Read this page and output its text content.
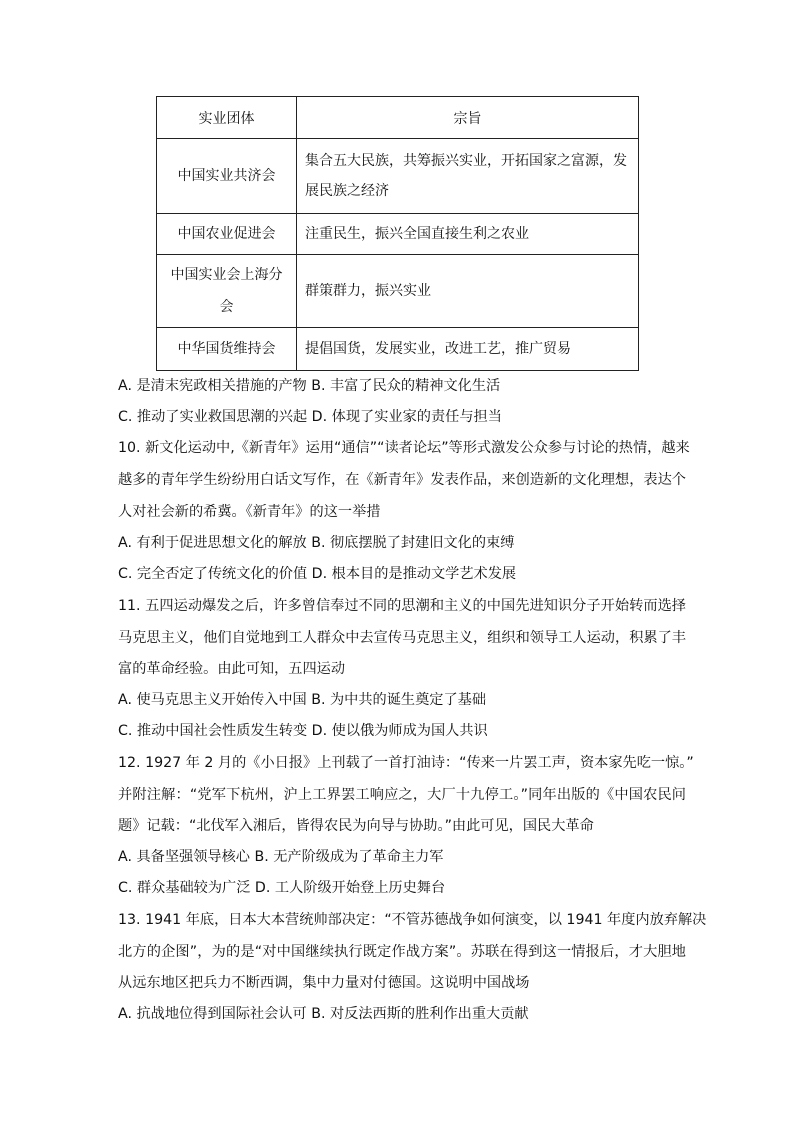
实业团体	宗旨
中国实业共济会	集合五大民族，共筹振兴实业，开拓国家之富源，发展民族之经济
中国农业促进会	注重民生，振兴全国直接生利之农业
中国实业会上海分会	群策群力，振兴实业
中华国货维持会	提倡国货，发展实业，改进工艺，推广贸易
A. 是清末宪政相关措施的产物 B. 丰富了民众的精神文化生活
C. 推动了实业救国思潮的兴起 D. 体现了实业家的责任与担当
10. 新文化运动中,《新青年》运用“通信”“读者论坛”等形式激发公众参与讨论的热情，越来
越多的青年学生纷纷用白话文写作，在《新青年》发表作品，来创造新的文化理想，表达个
人对社会新的希冀。《新青年》的这一举措
A. 有利于促进思想文化的解放 B. 彻底摆脱了封建旧文化的束缚
C. 完全否定了传统文化的价值 D. 根本目的是推动文学艺术发展
11. 五四运动爆发之后，许多曾信奉过不同的思潮和主义的中国先进知识分子开始转而选择
马克思主义，他们自觉地到工人群众中去宣传马克思主义，组织和领导工人运动，积累了丰
富的革命经验。由此可知，五四运动
A. 使马克思主义开始传入中国 B. 为中共的诞生奠定了基础
C. 推动中国社会性质发生转变 D. 使以俄为师成为国人共识
12. 1927 年 2 月的《小日报》上刊载了一首打油诗：“传来一片罢工声，资本家先吃一惊。”
并附注解：“党军下杭州，沪上工界罢工响应之，大厂十九停工。”同年出版的《中国农民问
题》记载：“北伐军入湘后，皆得农民为向导与协助。”由此可见，国民大革命
A. 具备坚强领导核心 B. 无产阶级成为了革命主力军
C. 群众基础较为广泛 D. 工人阶级开始登上历史舞台
13. 1941 年底，日本大本营统帅部决定：“不管苏德战争如何演变，以 1941 年度内放弃解决
北方的企图”，为的是“对中国继续执行既定作战方案”。苏联在得到这一情报后，才大胆地
从远东地区把兵力不断西调，集中力量对付德国。这说明中国战场
A. 抗战地位得到国际社会认可 B. 对反法西斯的胜利作出重大贡献
